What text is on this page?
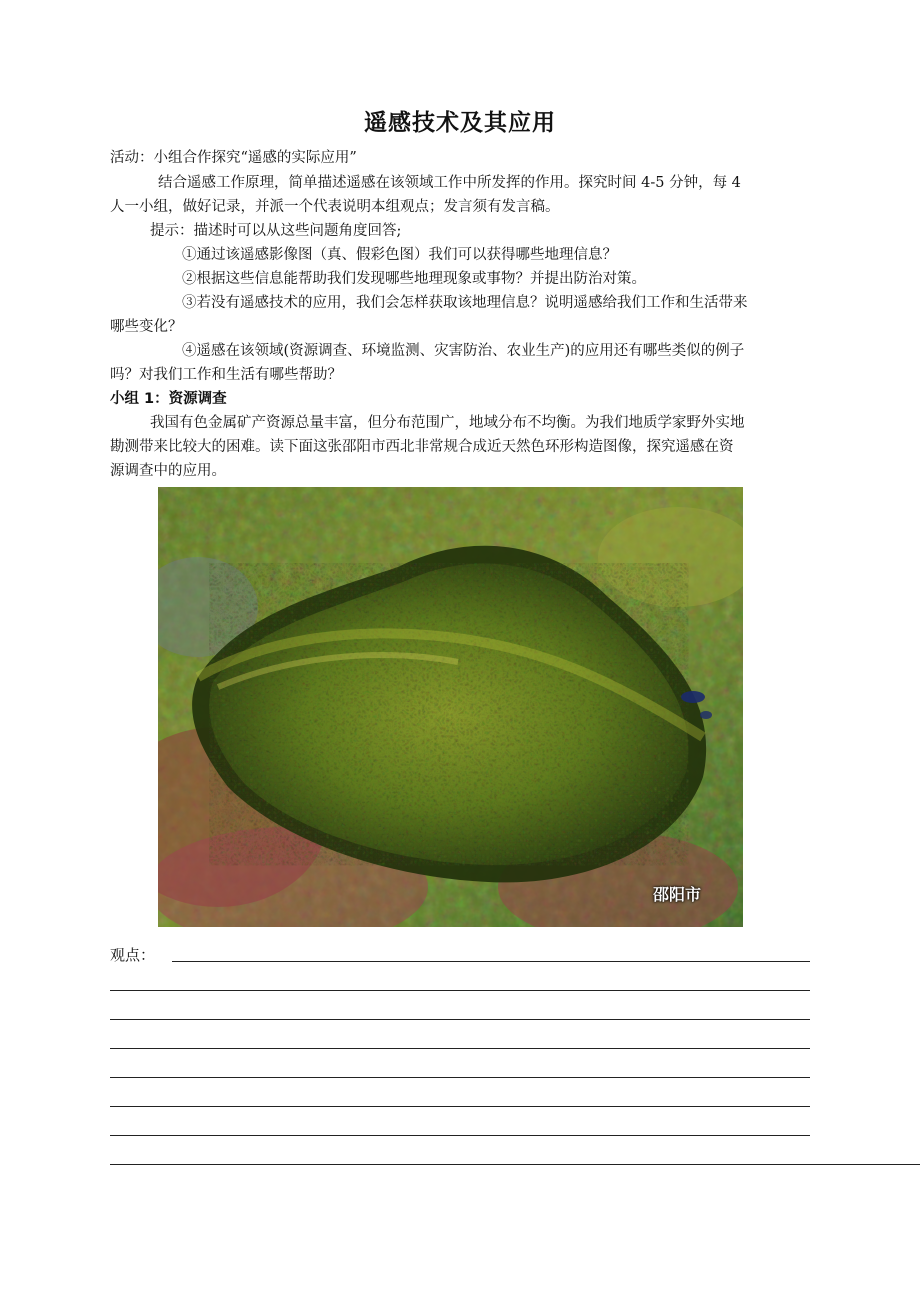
遥感技术及其应用
活动：小组合作探究“遥感的实际应用”
结合遥感工作原理，简单描述遥感在该领域工作中所发挥的作用。探究时间 4-5 分钟，每 4
人一小组，做好记录，并派一个代表说明本组观点；发言须有发言稿。
提示：描述时可以从这些问题角度回答;
①通过该遥感影像图（真、假彩色图）我们可以获得哪些地理信息？
②根据这些信息能帮助我们发现哪些地理现象或事物？并提出防治对策。
③若没有遥感技术的应用，我们会怎样获取该地理信息？说明遥感给我们工作和生活带来
哪些变化？
④遥感在该领域(资源调查、环境监测、灾害防治、农业生产)的应用还有哪些类似的例子
吗？对我们工作和生活有哪些帮助？
小组 1：资源调查
我国有色金属矿产资源总量丰富，但分布范围广，地域分布不均衡。为我们地质学家野外实地
勘测带来比较大的困难。读下面这张邵阳市西北非常规合成近天然色环形构造图像，探究遥感在资
源调查中的应用。
邵阳市
观点：
